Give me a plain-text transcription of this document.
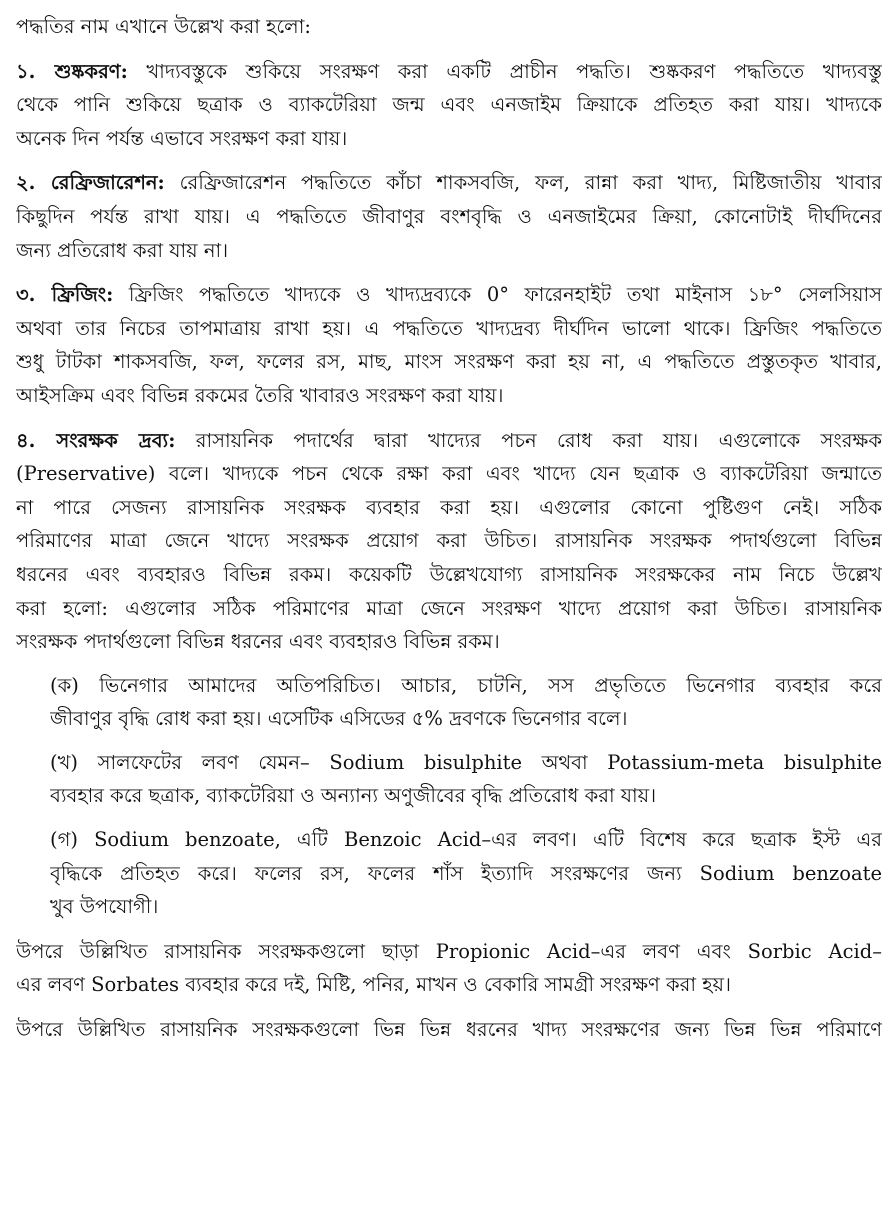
পদ্ধতির নাম এখানে উল্লেখ করা হলো:
১. শুষ্ককরণ: খাদ্যবস্তুকে শুকিয়ে সংরক্ষণ করা একটি প্রাচীন পদ্ধতি। শুষ্ককরণ পদ্ধতিতে খাদ্যবস্তু
থেকে পানি শুকিয়ে ছত্রাক ও ব্যাকটেরিয়া জন্ম এবং এনজাইম ক্রিয়াকে প্রতিহত করা যায়। খাদ্যকে
অনেক দিন পর্যন্ত এভাবে সংরক্ষণ করা যায়।
২. রেফ্রিজারেশন: রেফ্রিজারেশন পদ্ধতিতে কাঁচা শাকসবজি, ফল, রান্না করা খাদ্য, মিষ্টিজাতীয় খাবার
কিছুদিন পর্যন্ত রাখা যায়। এ পদ্ধতিতে জীবাণুর বংশবৃদ্ধি ও এনজাইমের ক্রিয়া, কোনোটাই দীর্ঘদিনের
জন্য প্রতিরোধ করা যায় না।
৩. ফ্রিজিং: ফ্রিজিং পদ্ধতিতে খাদ্যকে ও খাদ্যদ্রব্যকে 0° ফারেনহাইট তথা মাইনাস ১৮° সেলসিয়াস
অথবা তার নিচের তাপমাত্রায় রাখা হয়। এ পদ্ধতিতে খাদ্যদ্রব্য দীর্ঘদিন ভালো থাকে। ফ্রিজিং পদ্ধতিতে
শুধু টাটকা শাকসবজি, ফল, ফলের রস, মাছ, মাংস সংরক্ষণ করা হয় না, এ পদ্ধতিতে প্রস্তুতকৃত খাবার,
আইসক্রিম এবং বিভিন্ন রকমের তৈরি খাবারও সংরক্ষণ করা যায়।
৪. সংরক্ষক দ্রব্য: রাসায়নিক পদার্থের দ্বারা খাদ্যের পচন রোধ করা যায়। এগুলোকে সংরক্ষক
(Preservative) বলে। খাদ্যকে পচন থেকে রক্ষা করা এবং খাদ্যে যেন ছত্রাক ও ব্যাকটেরিয়া জন্মাতে
না পারে সেজন্য রাসায়নিক সংরক্ষক ব্যবহার করা হয়। এগুলোর কোনো পুষ্টিগুণ নেই। সঠিক
পরিমাণের মাত্রা জেনে খাদ্যে সংরক্ষক প্রয়োগ করা উচিত। রাসায়নিক সংরক্ষক পদার্থগুলো বিভিন্ন
ধরনের এবং ব্যবহারও বিভিন্ন রকম। কয়েকটি উল্লেখযোগ্য রাসায়নিক সংরক্ষকের নাম নিচে উল্লেখ
করা হলো: এগুলোর সঠিক পরিমাণের মাত্রা জেনে সংরক্ষণ খাদ্যে প্রয়োগ করা উচিত। রাসায়নিক
সংরক্ষক পদার্থগুলো বিভিন্ন ধরনের এবং ব্যবহারও বিভিন্ন রকম।
(ক) ভিনেগার আমাদের অতিপরিচিত। আচার, চাটনি, সস প্রভৃতিতে ভিনেগার ব্যবহার করে
জীবাণুর বৃদ্ধি রোধ করা হয়। এসেটিক এসিডের ৫% দ্রবণকে ভিনেগার বলে।
(খ) সালফেটের লবণ যেমন– Sodium bisulphite অথবা Potassium-meta bisulphite
ব্যবহার করে ছত্রাক, ব্যাকটেরিয়া ও অন্যান্য অণুজীবের বৃদ্ধি প্রতিরোধ করা যায়।
(গ) Sodium benzoate, এটি Benzoic Acid–এর লবণ। এটি বিশেষ করে ছত্রাক ইস্ট এর
বৃদ্ধিকে প্রতিহত করে। ফলের রস, ফলের শাঁস ইত্যাদি সংরক্ষণের জন্য Sodium benzoate
খুব উপযোগী।
উপরে উল্লিখিত রাসায়নিক সংরক্ষকগুলো ছাড়া Propionic Acid–এর লবণ এবং Sorbic Acid–
এর লবণ Sorbates ব্যবহার করে দই, মিষ্টি, পনির, মাখন ও বেকারি সামগ্রী সংরক্ষণ করা হয়।
উপরে উল্লিখিত রাসায়নিক সংরক্ষকগুলো ভিন্ন ভিন্ন ধরনের খাদ্য সংরক্ষণের জন্য ভিন্ন ভিন্ন পরিমাণে
